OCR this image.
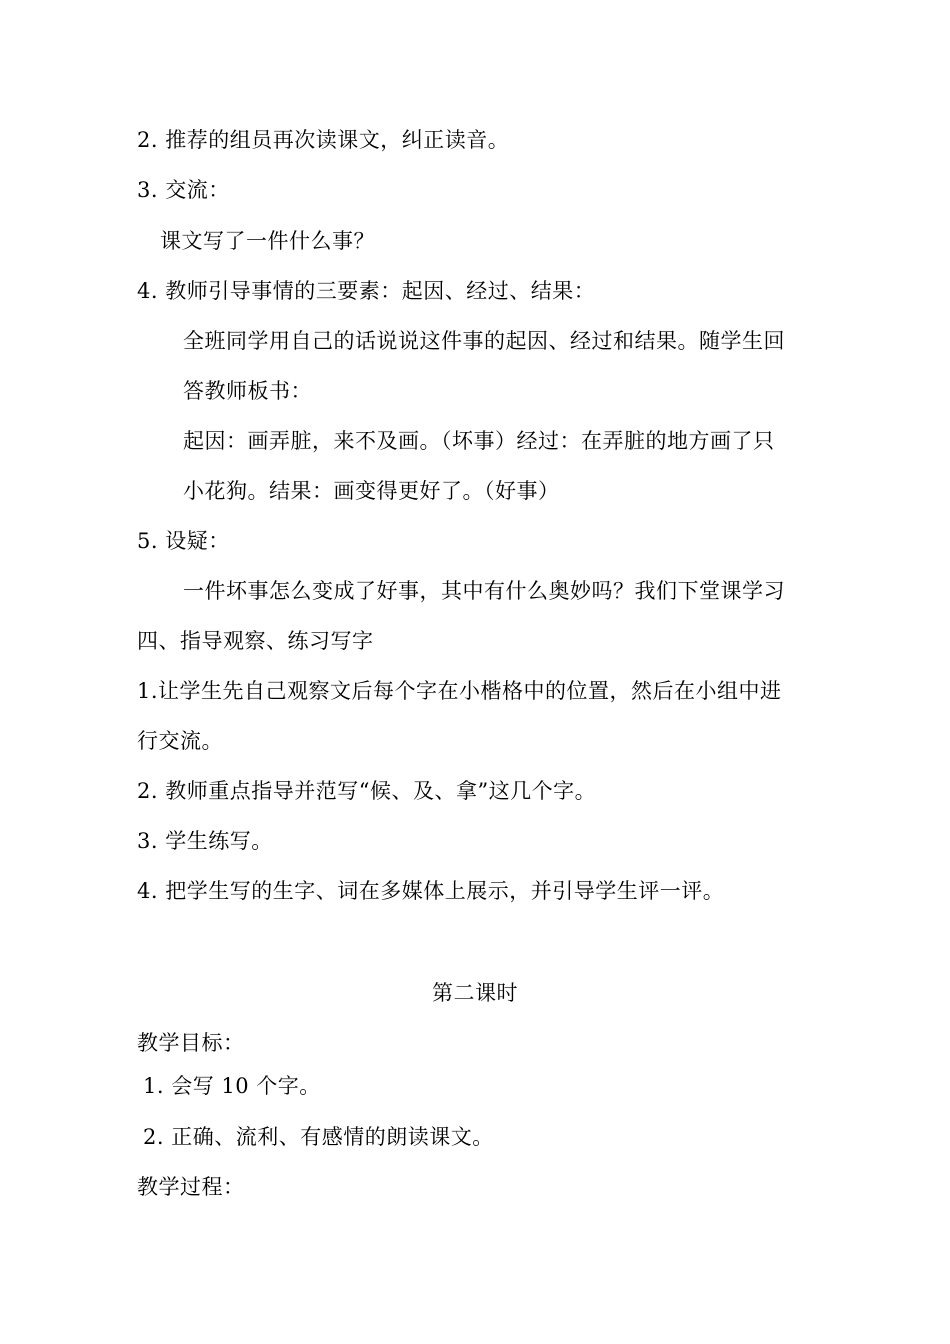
2. 推荐的组员再次读课文，纠正读音。
3. 交流：
课文写了一件什么事？
4. 教师引导事情的三要素：起因、经过、结果：
全班同学用自己的话说说这件事的起因、经过和结果。随学生回
答教师板书：
起因：画弄脏，来不及画。（坏事）经过：在弄脏的地方画了只
小花狗。结果：画变得更好了。（好事）
5. 设疑：
一件坏事怎么变成了好事，其中有什么奥妙吗？我们下堂课学习
四、指导观察、练习写字
1.让学生先自己观察文后每个字在小楷格中的位置，然后在小组中进
行交流。
2. 教师重点指导并范写“候、及、拿”这几个字。
3. 学生练写。
4. 把学生写的生字、词在多媒体上展示，并引导学生评一评。
第二课时
教学目标：
1. 会写 10 个字。
2. 正确、流利、有感情的朗读课文。
教学过程：
